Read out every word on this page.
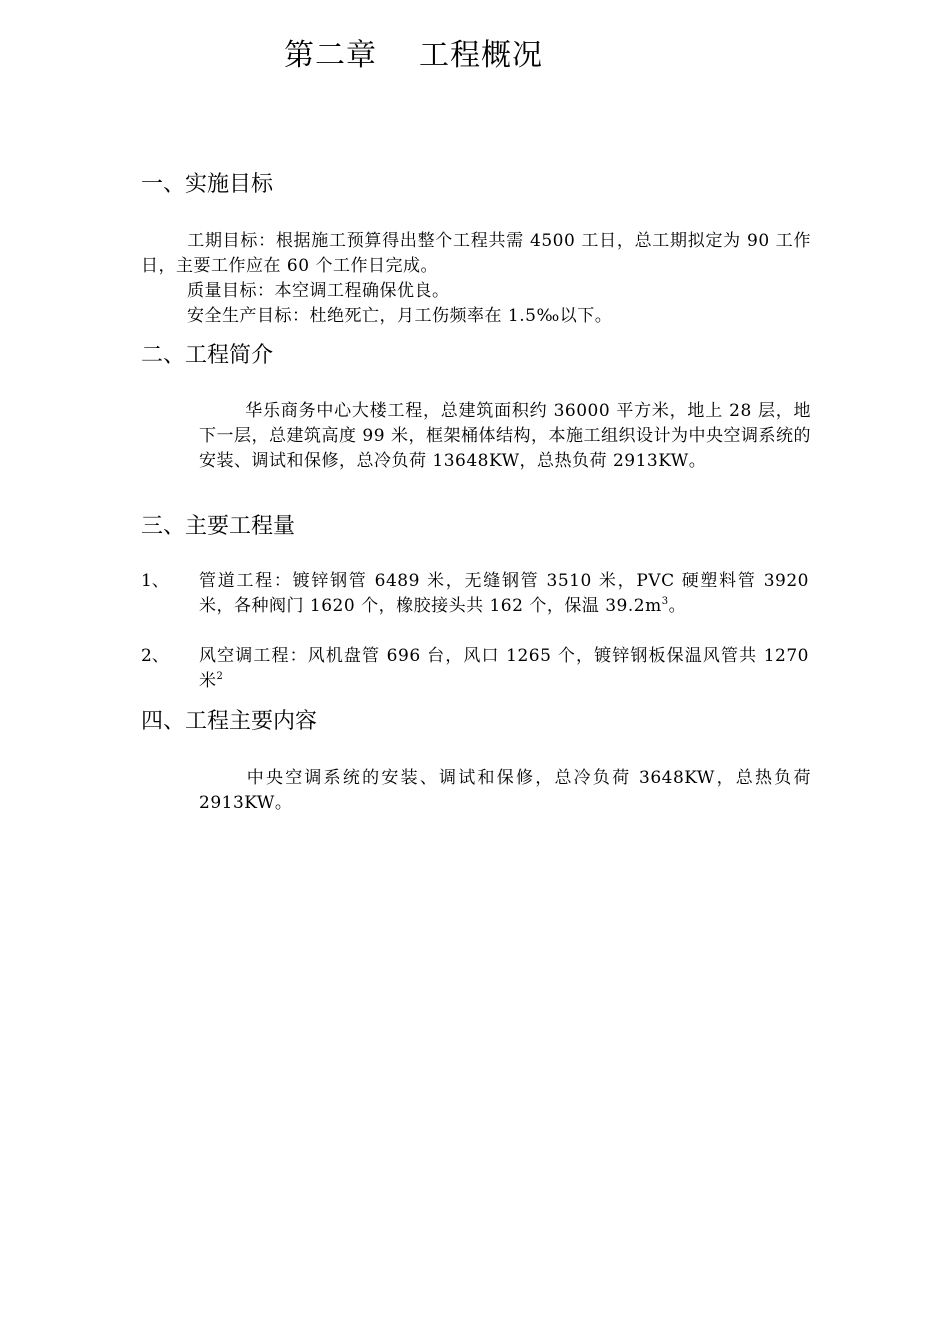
第二章 工程概况
一、实施目标
工期目标：根据施工预算得出整个工程共需 4500 工日，总工期拟定为 90 工作日，主要工作应在 60 个工作日完成。
质量目标：本空调工程确保优良。
安全生产目标：杜绝死亡，月工伤频率在 1.5‰以下。
二、工程简介
华乐商务中心大楼工程，总建筑面积约 36000 平方米，地上 28 层，地下一层，总建筑高度 99 米，框架桶体结构，本施工组织设计为中央空调系统的安装、调试和保修，总冷负荷 13648KW，总热负荷 2913KW。
三、主要工程量
1、 管道工程：镀锌钢管 6489 米，无缝钢管 3510 米，PVC 硬塑料管 3920 米，各种阀门 1620 个，橡胶接头共 162 个，保温 $39.2m^3$。
2、 风空调工程：风机盘管 696 台，风口 1265 个，镀锌钢板保温风管共 1270 米$^2$
四、工程主要内容
中央空调系统的安装、调试和保修，总冷负荷 3648KW，总热负荷 2913KW。
